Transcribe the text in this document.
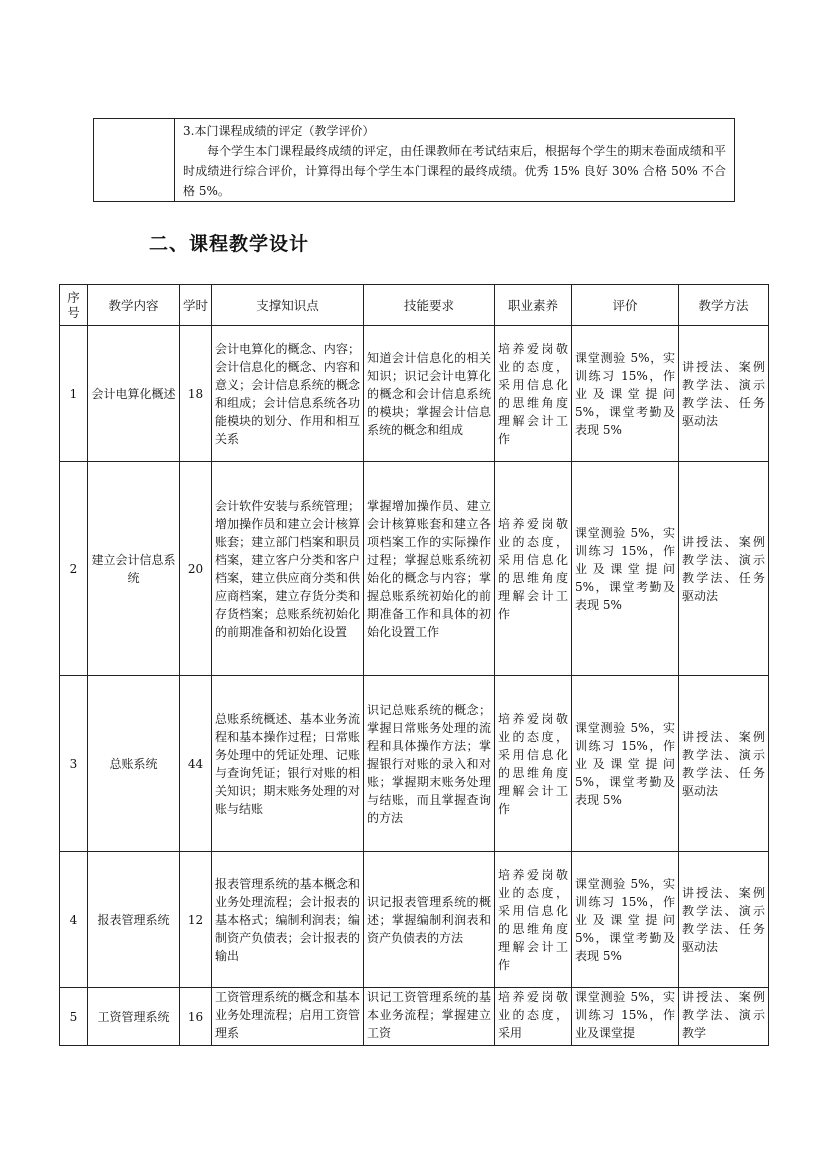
3.本门课程成绩的评定（教学评价）

每个学生本门课程最终成绩的评定，由任课教师在考试结束后，根据每个学生的期末卷面成绩和平时成绩进行综合评价，计算得出每个学生本门课程的最终成绩。优秀 15% 良好 30% 合格 50% 不合格 5%。

二、课程教学设计
序号	教学内容	学时	支撑知识点	技能要求	职业素养	评价	教学方法
1	会计电算化概述	18	会计电算化的概念、内容；会计信息化的概念、内容和意义；会计信息系统的概念和组成；会计信息系统各功能模块的划分、作用和相互关系	知道会计信息化的相关知识；识记会计电算化的概念和会计信息系统的模块；掌握会计信息系统的概念和组成	培养爱岗敬业的态度，采用信息化的思维角度理解会计工作	课堂测验 5%，实训练习 15%，作业及课堂提问 5%，课堂考勤及表现 5%	讲授法、案例教学法、演示教学法、任务驱动法
2	建立会计信息系统	20	会计软件安装与系统管理；增加操作员和建立会计核算账套；建立部门档案和职员档案，建立客户分类和客户档案，建立供应商分类和供应商档案，建立存货分类和存货档案；总账系统初始化的前期准备和初始化设置	掌握增加操作员、建立会计核算账套和建立各项档案工作的实际操作过程；掌握总账系统初始化的概念与内容；掌握总账系统初始化的前期准备工作和具体的初始化设置工作	培养爱岗敬业的态度，采用信息化的思维角度理解会计工作	课堂测验 5%，实训练习 15%，作业及课堂提问 5%，课堂考勤及表现 5%	讲授法、案例教学法、演示教学法、任务驱动法
3	总账系统	44	总账系统概述、基本业务流程和基本操作过程；日常账务处理中的凭证处理、记账与查询凭证；银行对账的相关知识；期末账务处理的对账与结账	识记总账系统的概念；掌握日常账务处理的流程和具体操作方法；掌握银行对账的录入和对账；掌握期末账务处理与结账，而且掌握查询的方法	培养爱岗敬业的态度，采用信息化的思维角度理解会计工作	课堂测验 5%，实训练习 15%，作业及课堂提问 5%，课堂考勤及表现 5%	讲授法、案例教学法、演示教学法、任务驱动法
4	报表管理系统	12	报表管理系统的基本概念和业务处理流程；会计报表的基本格式；编制利润表；编制资产负债表；会计报表的输出	识记报表管理系统的概述；掌握编制利润表和资产负债表的方法	培养爱岗敬业的态度，采用信息化的思维角度理解会计工作	课堂测验 5%，实训练习 15%，作业及课堂提问 5%，课堂考勤及表现 5%	讲授法、案例教学法、演示教学法、任务驱动法
5	工资管理系统	16	工资管理系统的概念和基本业务处理流程；启用工资管理系	识记工资管理系统的基本业务流程；掌握建立工资	培养爱岗敬业的态度，采用	课堂测验 5%，实训练习 15%，作业及课堂提	讲授法、案例教学法、演示教学
